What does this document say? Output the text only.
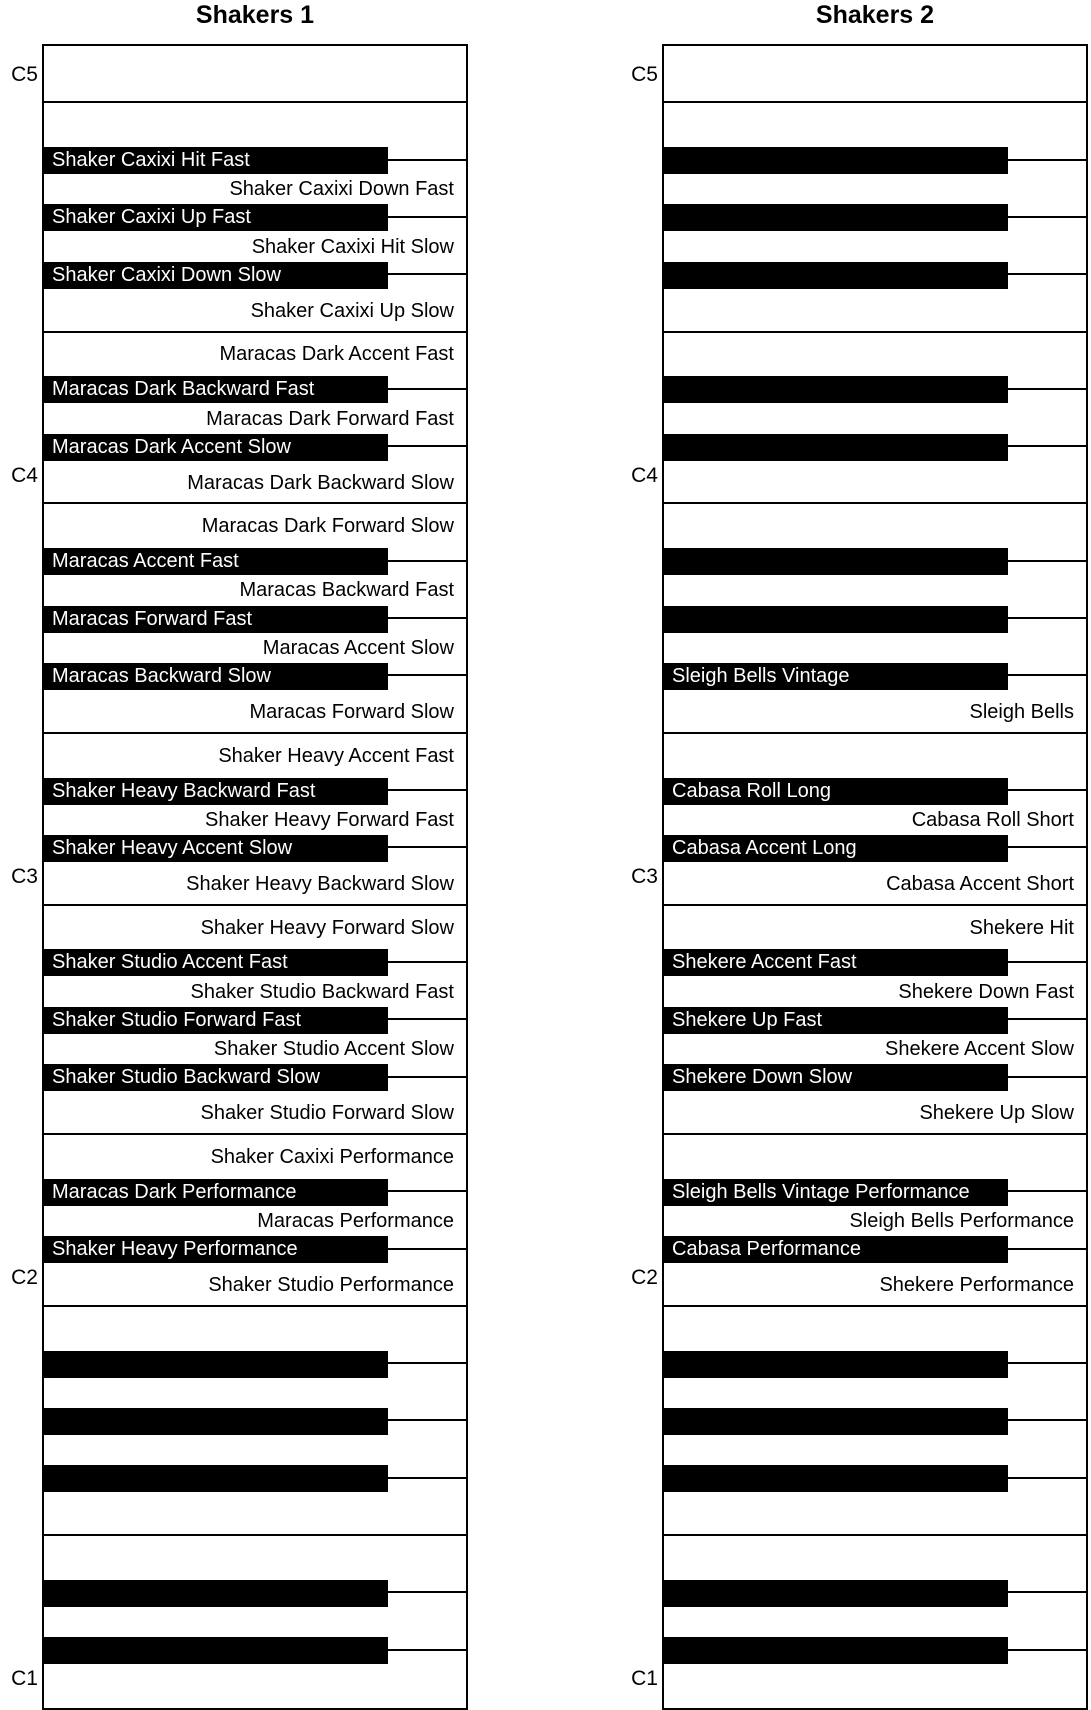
Shakers 1	Shakers 2
Shaker Caxixi Down Fast
Shaker Caxixi Hit Slow
Shaker Caxixi Up Slow
Maracas Dark Accent Fast
Maracas Dark Forward Fast
Maracas Dark Backward Slow
Maracas Dark Forward Slow
Maracas Backward Fast
Maracas Accent Slow
Maracas Forward Slow
Shaker Heavy Accent Fast
Shaker Heavy Forward Fast
Shaker Heavy Backward Slow
Shaker Heavy Forward Slow
Shaker Studio Backward Fast
Shaker Studio Accent Slow
Shaker Studio Forward Slow
Shaker Caxixi Performance
Maracas Performance
Shaker Studio Performance
Shaker Caxixi Hit Fast
Shaker Caxixi Up Fast
Shaker Caxixi Down Slow
Maracas Dark Backward Fast
Maracas Dark Accent Slow
Maracas Accent Fast
Maracas Forward Fast
Maracas Backward Slow
Shaker Heavy Backward Fast
Shaker Heavy Accent Slow
Shaker Studio Accent Fast
Shaker Studio Forward Fast
Shaker Studio Backward Slow
Maracas Dark Performance
Shaker Heavy Performance
Sleigh Bells
Cabasa Roll Short
Cabasa Accent Short
Shekere Hit
Shekere Down Fast
Shekere Accent Slow
Shekere Up Slow
Sleigh Bells Performance
Shekere Performance
Sleigh Bells Vintage
Cabasa Roll Long
Cabasa Accent Long
Shekere Accent Fast
Shekere Up Fast
Shekere Down Slow
Sleigh Bells Vintage Performance
Cabasa Performance
C5
C4
C3
C2
C1
C5
C4
C3
C2
C1
